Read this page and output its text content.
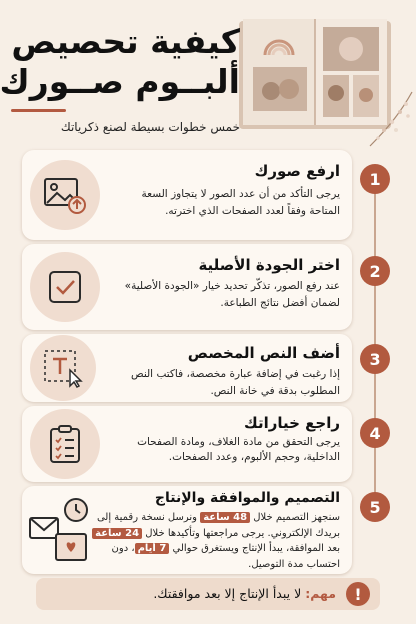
كيفية تحصيص
ألبــوم صــورك
خمس خطوات بسيطة لصنع ذكرياتك
1
ارفع صورك
يرجى التأكد من أن عدد الصور لا يتجاوز السعة المتاحة وفقاً لعدد الصفحات الذي اخترته.
2
اختر الجودة الأصلية
عند رفع الصور، تذكّر تحديد خيار «الجودة الأصلية» لضمان أفضل نتائج الطباعة.
3
أضف النص المخصص
إذا رغبت في إضافة عبارة مخصصة، فاكتب النص المطلوب بدقة في خانة النص.
4
راجع خياراتك
يرجى التحقق من مادة الغلاف، ومادة الصفحات الداخلية، وحجم الألبوم، وعدد الصفحات.
5
التصميم والموافقة والإنتاج
سنجهز التصميم خلال 48 ساعة ونرسل نسخة رقمية إلى بريدك الإلكتروني. يرجى مراجعتها وتأكيدها خلال 24 ساعة بعد الموافقة، يبدأ الإنتاج ويستغرق حوالي 7 أيام، دون احتساب مدة التوصيل.
!
مهم: لا يبدأ الإنتاج إلا بعد موافقتك.
